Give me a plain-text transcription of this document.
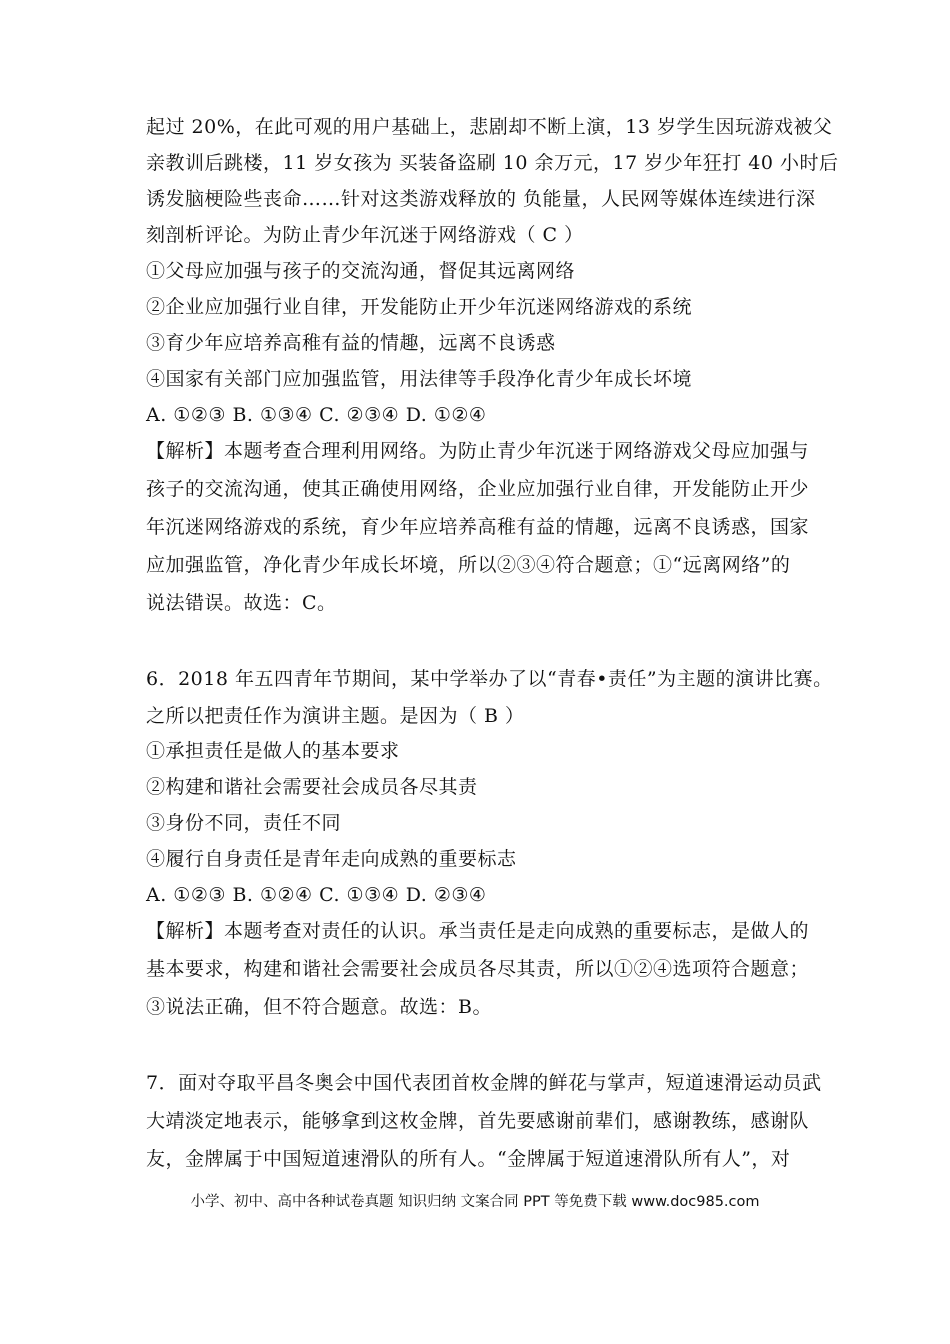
起过 20%，在此可观的用户基础上，悲剧却不断上演，13 岁学生因玩游戏被父
亲教训后跳楼，11 岁女孩为 买装备盗刷 10 余万元，17 岁少年狂打 40 小时后
诱发脑梗险些丧命……针对这类游戏释放的 负能量，人民网等媒体连续进行深
刻剖析评论。为防止青少年沉迷于网络游戏（ C ）
①父母应加强与孩子的交流沟通，督促其远离网络
②企业应加强行业自律，开发能防止开少年沉迷网络游戏的系统
③育少年应培养高稚有益的情趣，远离不良诱惑
④国家有关部门应加强监管，用法律等手段净化青少年成长坏境
A. ①②③ B. ①③④ C. ②③④ D. ①②④
【解析】本题考查合理利用网络。为防止青少年沉迷于网络游戏父母应加强与
孩子的交流沟通，使其正确使用网络，企业应加强行业自律，开发能防止开少
年沉迷网络游戏的系统，育少年应培养高稚有益的情趣，远离不良诱惑，国家
应加强监管，净化青少年成长坏境，所以②③④符合题意；①“远离网络”的
说法错误。故选：C。
6．2018 年五四青年节期间，某中学举办了以“青春•责任”为主题的演讲比赛。
之所以把责任作为演讲主题。是因为（ B ）
①承担责任是做人的基本要求
②构建和谐社会需要社会成员各尽其责
③身份不同，责任不同
④履行自身责任是青年走向成熟的重要标志
A. ①②③ B. ①②④ C. ①③④ D. ②③④
【解析】本题考查对责任的认识。承当责任是走向成熟的重要标志，是做人的
基本要求，构建和谐社会需要社会成员各尽其责，所以①②④选项符合题意；
③说法正确，但不符合题意。故选：B。
7．面对夺取平昌冬奥会中国代表团首枚金牌的鲜花与掌声，短道速滑运动员武
大靖淡定地表示，能够拿到这枚金牌，首先要感谢前辈们，感谢教练，感谢队
友，金牌属于中国短道速滑队的所有人。“金牌属于短道速滑队所有人”，对
小学、初中、高中各种试卷真题 知识归纳 文案合同 PPT 等免费下载 www.doc985.com
